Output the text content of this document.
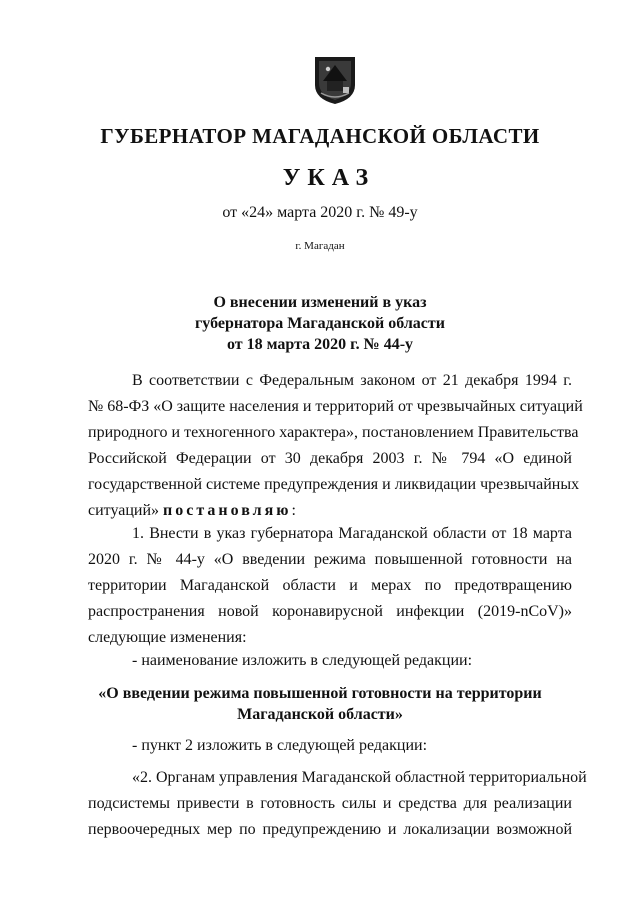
ГУБЕРНАТОР МАГАДАНСКОЙ ОБЛАСТИ
УКАЗ
от «24» марта 2020 г. № 49-у
г. Магадан
О внесении изменений в указ
губернатора Магаданской области
от 18 марта 2020 г. № 44-у
В соответствии с Федеральным законом от 21 декабря 1994 г.
№ 68-ФЗ «О защите населения и территорий от чрезвычайных ситуаций
природного и техногенного характера», постановлением Правительства
Российской Федерации от 30 декабря 2003 г. № 794 «О единой
государственной системе предупреждения и ликвидации чрезвычайных
ситуаций» постановляю:
1. Внести в указ губернатора Магаданской области от 18 марта
2020 г. № 44-у «О введении режима повышенной готовности на
территории Магаданской области и мерах по предотвращению
распространения новой коронавирусной инфекции (2019-nCoV)»
следующие изменения:
- наименование изложить в следующей редакции:
«О введении режима повышенной готовности на территории
Магаданской области»
- пункт 2 изложить в следующей редакции:
«2. Органам управления Магаданской областной территориальной
подсистемы привести в готовность силы и средства для реализации
первоочередных мер по предупреждению и локализации возможной
